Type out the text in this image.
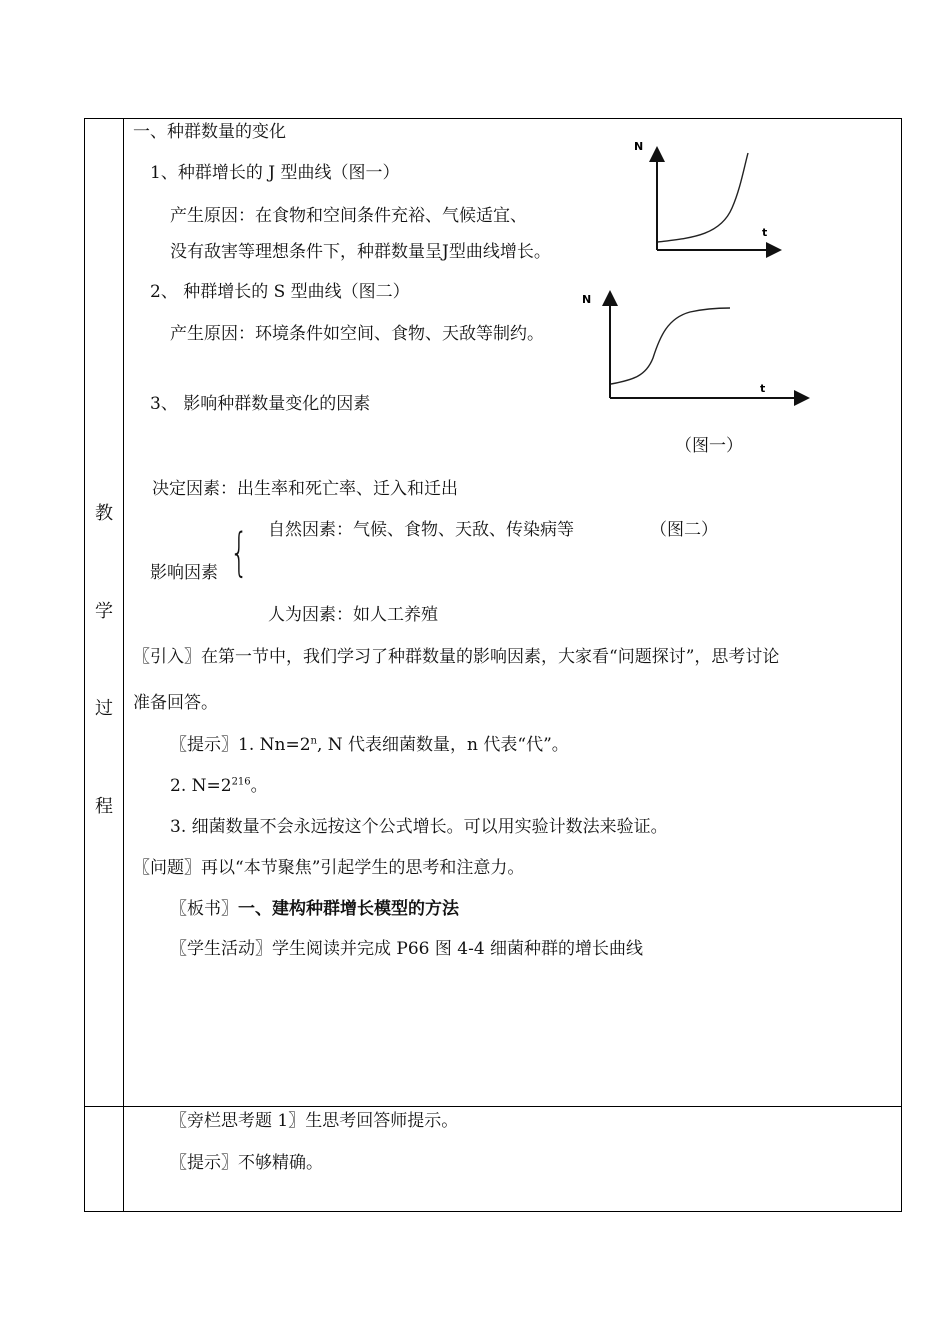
教
学
过
程
一、种群数量的变化
1、种群增长的 J 型曲线（图一）
产生原因：在食物和空间条件充裕、气候适宜、
没有敌害等理想条件下，种群数量呈J型曲线增长。
2、 种群增长的 S 型曲线（图二）
产生原因：环境条件如空间、食物、天敌等制约。
3、 影响种群数量变化的因素
N
t
N
t
（图一）
（图二）
决定因素：出生率和死亡率、迁入和迁出
自然因素：气候、食物、天敌、传染病等
影响因素 {
人为因素：如人工养殖
〖引入〗在第一节中，我们学习了种群数量的影响因素，大家看“问题探讨”，思考讨论
准备回答。
〖提示〗1. $Nn=2^n$, N 代表细菌数量，n 代表“代”。
2. $N=2^{216}$。
3. 细菌数量不会永远按这个公式增长。可以用实验计数法来验证。
〖问题〗再以“本节聚焦”引起学生的思考和注意力。
〖板书〗一、建构种群增长模型的方法
〖学生活动〗学生阅读并完成 P66 图 4-4 细菌种群的增长曲线
〖旁栏思考题 1〗生思考回答师提示。
〖提示〗不够精确。
